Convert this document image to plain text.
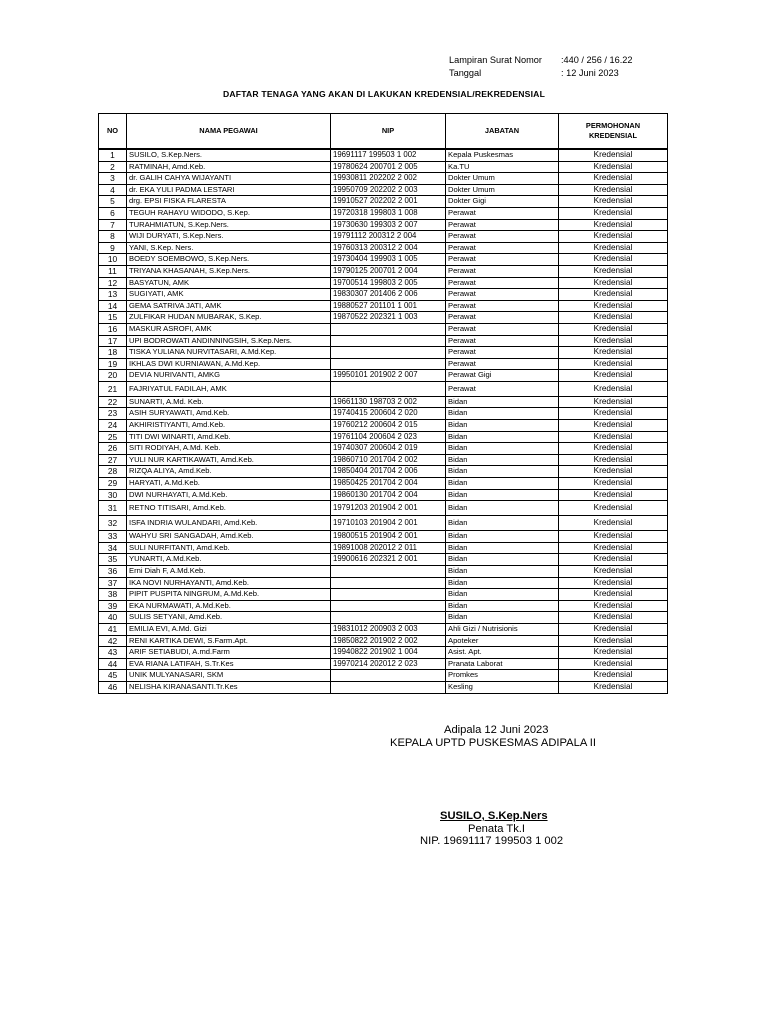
Lampiran Surat Nomor	:440 / 256 / 16.22
Tanggal	: 12 Juni 2023
DAFTAR TENAGA YANG AKAN DI LAKUKAN KREDENSIAL/REKREDENSIAL
NO	NAMA PEGAWAI	NIP	JABATAN	PERMOHONAN
KREDENSIAL
1	SUSILO, S.Kep.Ners.	19691117 199503 1 002	Kepala Puskesmas	Kredensial
2	RATMINAH, Amd.Keb.	19780624 200701 2 005	Ka.TU	Kredensial
3	dr. GALIH CAHYA WIJAYANTI	19930811 202202 2 002	Dokter Umum	Kredensial
4	dr. EKA YULI PADMA LESTARI	19950709 202202 2 003	Dokter Umum	Kredensial
5	drg. EPSI FISKA FLARESTA	19910527 202202 2 001	Dokter Gigi	Kredensial
6	TEGUH RAHAYU WIDODO, S.Kep.	19720318 199803 1 008	Perawat	Kredensial
7	TURAHMIATUN, S.Kep.Ners.	19730630 199303 2 007	Perawat	Kredensial
8	WIJI DURYATI, S.Kep.Ners.	19791112 200312 2 004	Perawat	Kredensial
9	YANI, S.Kep. Ners.	19760313 200312 2 004	Perawat	Kredensial
10	BOEDY SOEMBOWO, S.Kep.Ners.	19730404 199903 1 005	Perawat	Kredensial
11	TRIYANA KHASANAH, S.Kep.Ners.	19790125 200701 2 004	Perawat	Kredensial
12	BASYATUN, AMK	19700514 199803 2 005	Perawat	Kredensial
13	SUGIYATI, AMK	19830307 201406 2 006	Perawat	Kredensial
14	GEMA SATRIVA JATI, AMK	19880527 201101 1 001	Perawat	Kredensial
15	ZULFIKAR HUDAN MUBARAK, S.Kep.	19870522 202321 1 003	Perawat	Kredensial
16	MASKUR ASROFI, AMK		Perawat	Kredensial
17	UPI BODROWATI ANDINNINGSIH, S.Kep.Ners.		Perawat	Kredensial
18	TISKA YULIANA NURVITASARI, A.Md.Kep.		Perawat	Kredensial
19	IKHLAS DWI KURNIAWAN, A.Md.Kep.		Perawat	Kredensial
20	DEVIA NURIVANTI, AMKG	19950101 201902 2 007	Perawat Gigi	Kredensial
21	FAJRIYATUL FADILAH, AMK		Perawat	Kredensial
22	SUNARTI, A.Md. Keb.	19661130 198703 2 002	Bidan	Kredensial
23	ASIH SURYAWATI, Amd.Keb.	19740415 200604 2 020	Bidan	Kredensial
24	AKHIRISTIYANTI, Amd.Keb.	19760212 200604 2 015	Bidan	Kredensial
25	TITI DWI WINARTI, Amd.Keb.	19761104 200604 2 023	Bidan	Kredensial
26	SITI RODIYAH, A.Md. Keb.	19740307 200604 2 019	Bidan	Kredensial
27	YULI NUR KARTIKAWATI, Amd.Keb.	19860710 201704 2 002	Bidan	Kredensial
28	RIZQA ALIYA, Amd.Keb.	19850404 201704 2 006	Bidan	Kredensial
29	HARYATI, A.Md.Keb.	19850425 201704 2 004	Bidan	Kredensial
30	DWI NURHAYATI, A.Md.Keb.	19860130 201704 2 004	Bidan	Kredensial
31	RETNO TITISARI, Amd.Keb.	19791203 201904 2 001	Bidan	Kredensial
32	ISFA INDRIA WULANDARI, Amd.Keb.	19710103 201904 2 001	Bidan	Kredensial
33	WAHYU SRI SANGADAH, Amd.Keb.	19800515 201904 2 001	Bidan	Kredensial
34	SULI NURFITANTI, Amd.Keb.	19891008 202012 2 011	Bidan	Kredensial
35	YUNARTI, A.Md.Keb.	19900616 202321 2 001	Bidan	Kredensial
36	Erni Diah F, A.Md.Keb.		Bidan	Kredensial
37	IKA NOVI NURHAYANTI, Amd.Keb.		Bidan	Kredensial
38	PIPIT PUSPITA NINGRUM, A.Md.Keb.		Bidan	Kredensial
39	EKA NURMAWATI, A.Md.Keb.		Bidan	Kredensial
40	SULIS SETYANI, Amd.Keb.		Bidan	Kredensial
41	EMILIA EVI, A.Md. Gizi	19831012 200903 2 003	Ahli Gizi / Nutrisionis	Kredensial
42	RENI KARTIKA DEWI, S.Farm.Apt.	19850822 201902 2 002	Apoteker	Kredensial
43	ARIF SETIABUDI, A.md.Farm	19940822 201902 1 004	Asist. Apt.	Kredensial
44	EVA RIANA LATIFAH, S.Tr.Kes	19970214 202012 2 023	Pranata Laborat	Kredensial
45	UNIK MULYANASARI, SKM		Promkes	Kredensial
46	NELISHA KIRANASANTI.Tr.Kes		Kesling	Kredensial
Adipala 12 Juni 2023
KEPALA UPTD PUSKESMAS ADIPALA II
SUSILO, S.Kep.Ners
Penata Tk.I
NIP. 19691117 199503 1 002
